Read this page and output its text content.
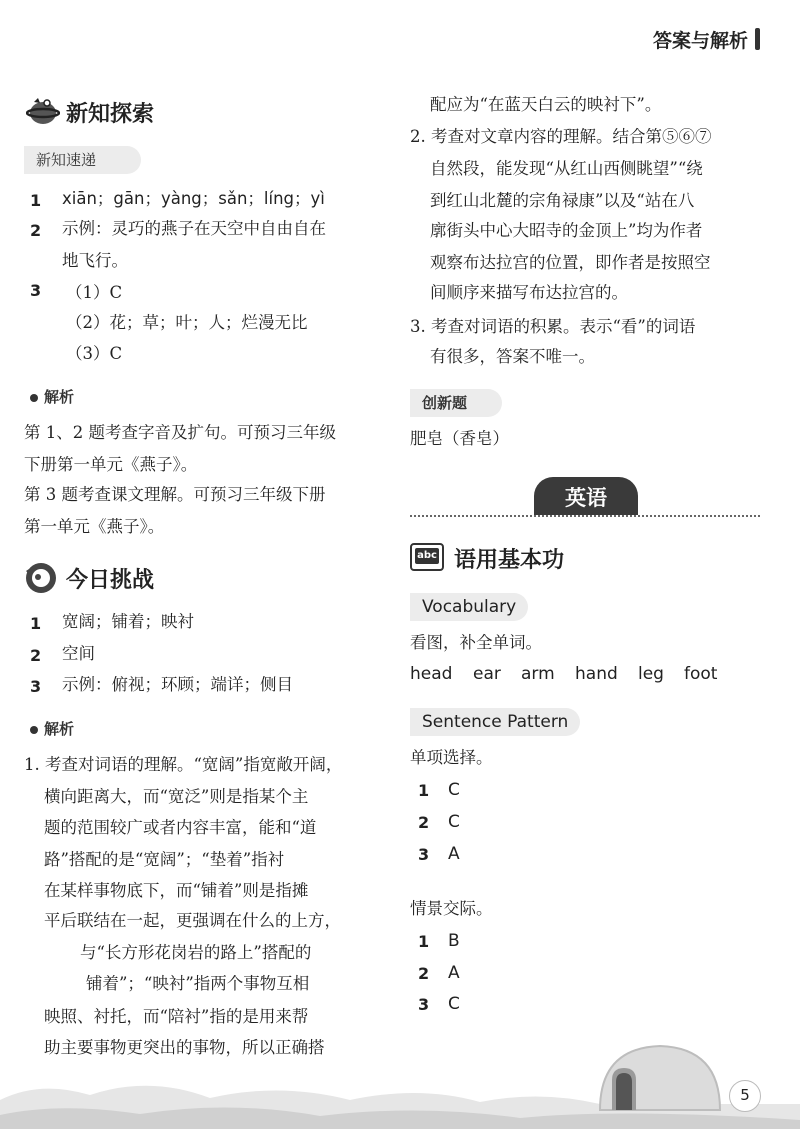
答案与解析
新知探索
新知速递
1 xiān；gān；yàng；sǎn；líng；yì
2 示例：灵巧的燕子在天空中自由自在
地飞行。
3 （1）C
（2）花；草；叶；人；烂漫无比
（3）C
解析
第 1、2 题考查字音及扩句。可预习三年级
下册第一单元《燕子》。
第 3 题考查课文理解。可预习三年级下册
第一单元《燕子》。
今日挑战
1 宽阔；铺着；映衬
2 空间
3 示例：俯视；环顾；端详；侧目
解析
1. 考查对词语的理解。“宽阔”指宽敞开阔，
横向距离大，而“宽泛”则是指某个主
题的范围较广或者内容丰富，能和“道
路”搭配的是“宽阔”；“垫着”指衬
在某样事物底下，而“铺着”则是指摊
平后联结在一起，更强调在什么的上方，
与“长方形花岗岩的路上”搭配的
铺着”；“映衬”指两个事物互相
映照、衬托，而“陪衬”指的是用来帮
助主要事物更突出的事物，所以正确搭
配应为“在蓝天白云的映衬下”。
2. 考查对文章内容的理解。结合第⑤⑥⑦
自然段，能发现“从红山西侧眺望”“绕
到红山北麓的宗角禄康”以及“站在八
廓街头中心大昭寺的金顶上”均为作者
观察布达拉宫的位置，即作者是按照空
间顺序来描写布达拉宫的。
3. 考查对词语的积累。表示“看”的词语
有很多，答案不唯一。
创新题
肥皂（香皂）
英语
abc 语用基本功
Vocabulary
看图，补全单词。
head ear arm hand leg foot
Sentence Pattern
单项选择。
1 C
2 C
3 A
情景交际。
1 B
2 A
3 C
5
